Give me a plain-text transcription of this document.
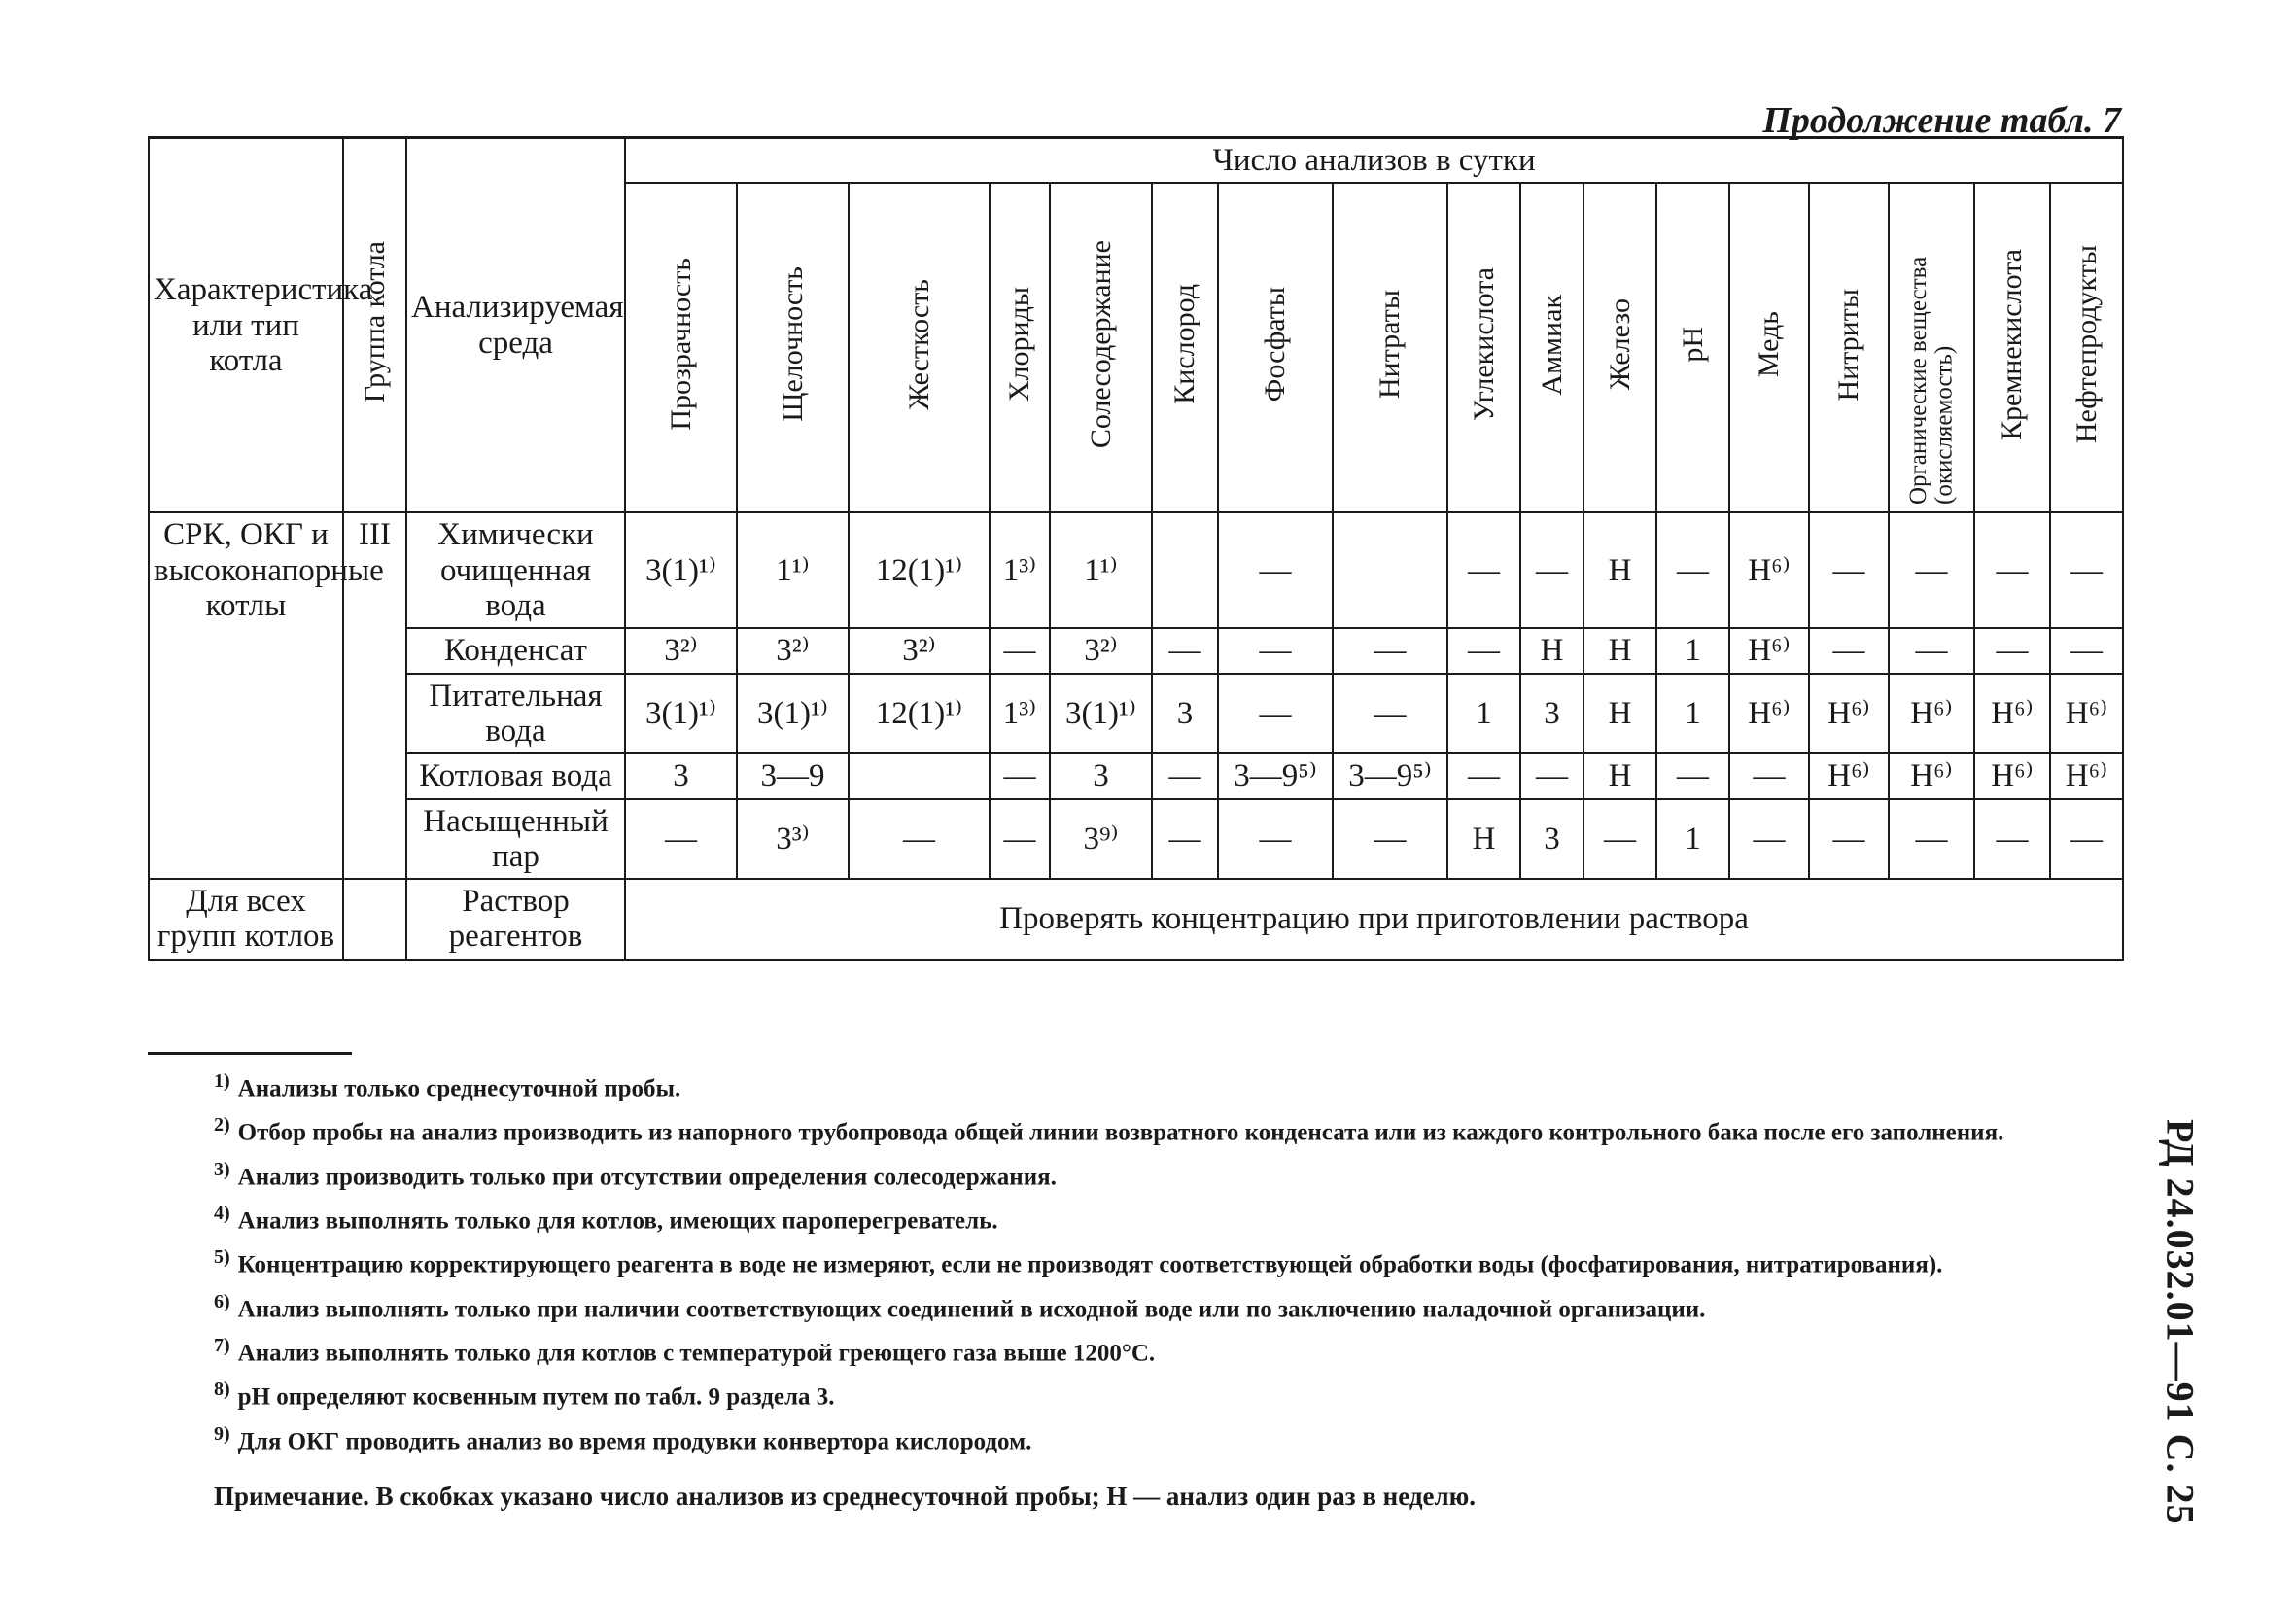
Продолжение табл. 7
Характеристика или тип котла	Группа котла	Анализируемая среда	Число анализов в сутки																
			Прозрачность	Щелочность	Жесткость	Хлориды	Солесодержание	Кислород	Фосфаты	Нитраты	Углекислота	Аммиак	Железо	pH	Медь	Нитриты	Органические вещества (окисляемость)	Кремнекислота	Нефтепродукты
СРК, ОКГ и высоконапорные котлы	III	Химически очищенная вода	3(1)¹⁾	1¹⁾	12(1)¹⁾	1³⁾	1¹⁾		—		—	—	Н	—	Н⁶⁾	—	—	—	—
		Конденсат	3²⁾	3²⁾	3²⁾	—	3²⁾	—	—	—	—	Н	Н	1	Н⁶⁾	—	—	—	—
		Питательная вода	3(1)¹⁾	3(1)¹⁾	12(1)¹⁾	1³⁾	3(1)¹⁾	3	—	—	1	3	Н	1	Н⁶⁾	Н⁶⁾	Н⁶⁾	Н⁶⁾	Н⁶⁾
		Котловая вода	3	3—9		—	3	—	3—9⁵⁾	3—9⁵⁾	—	—	Н	—	—	Н⁶⁾	Н⁶⁾	Н⁶⁾	Н⁶⁾
		Насыщенный пар	—	3³⁾	—	—	3⁹⁾	—	—	—	Н	3	—	1	—	—	—	—	—
Для всех групп котлов		Раствор реагентов	Проверять концентрацию при приготовлении раствора																
$^{1)}$ Анализы только среднесуточной пробы.
$^{2)}$ Отбор пробы на анализ производить из напорного трубопровода общей линии возвратного конденсата или из каждого контрольного бака после его заполнения.
$^{3)}$ Анализ производить только при отсутствии определения солесодержания.
$^{4)}$ Анализ выполнять только для котлов, имеющих пароперегреватель.
$^{5)}$ Концентрацию корректирующего реагента в воде не измеряют, если не производят соответствующей обработки воды (фосфатирования, нитратирования).
$^{6)}$ Анализ выполнять только при наличии соответствующих соединений в исходной воде или по заключению наладочной организации.
$^{7)}$ Анализ выполнять только для котлов с температурой греющего газа выше 1200°С.
$^{8)}$ pH определяют косвенным путем по табл. 9 раздела 3.
$^{9)}$ Для ОКГ проводить анализ во время продувки конвертора кислородом.
Примечание. В скобках указано число анализов из среднесуточной пробы; Н — анализ один раз в неделю.	РД 24.032.01—91 С. 25
